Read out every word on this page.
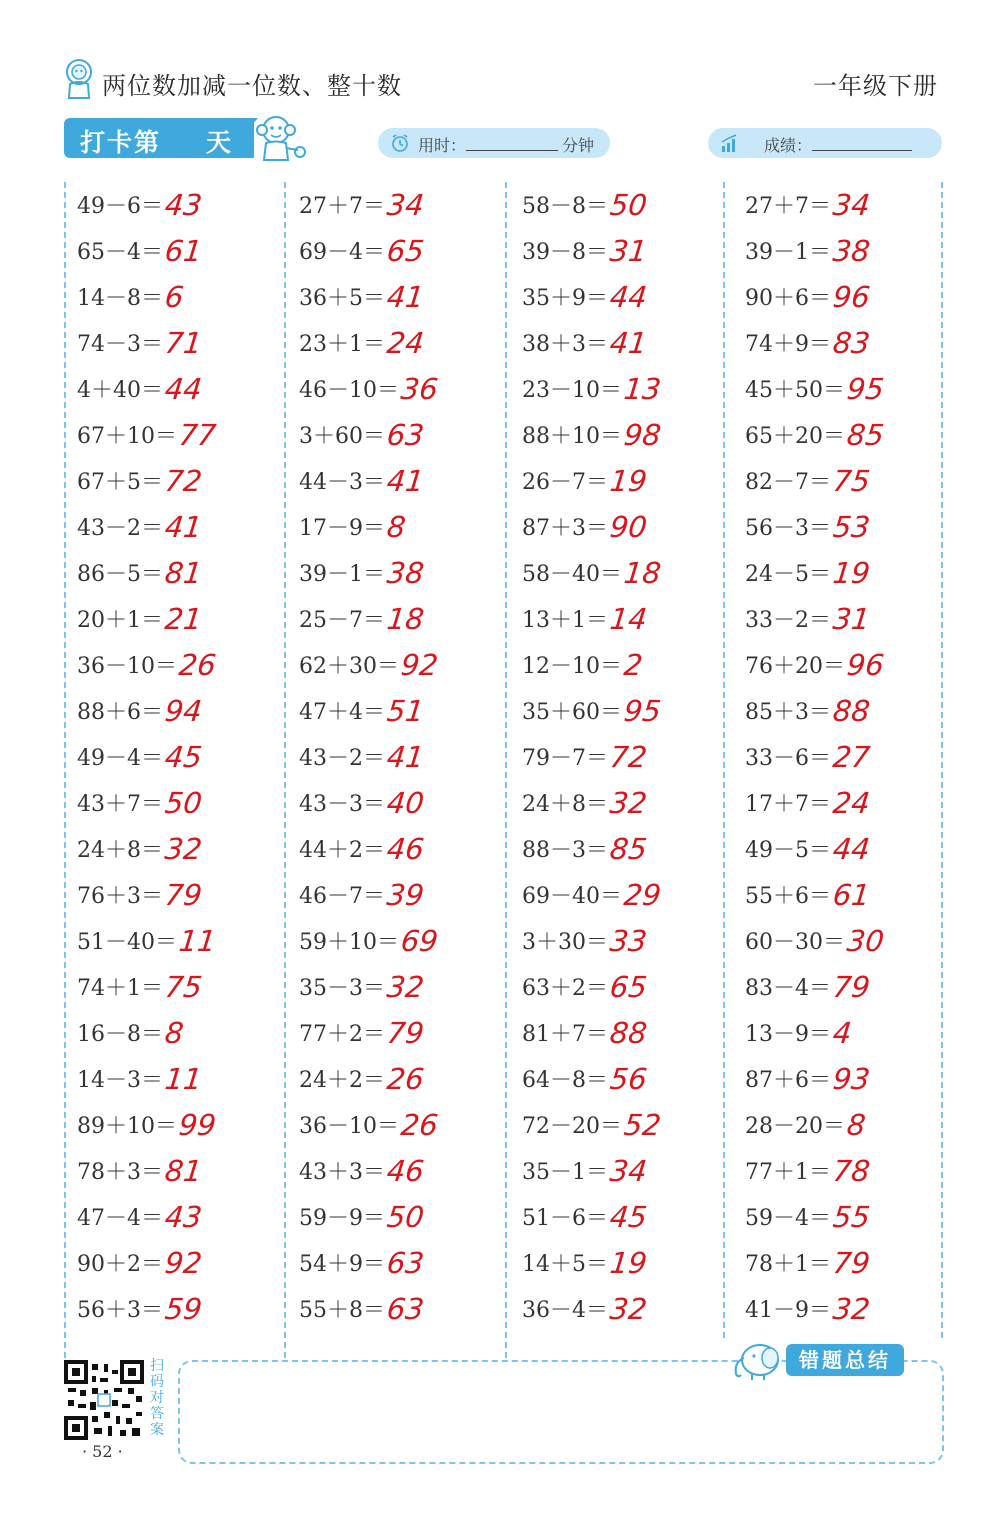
两位数加减一位数、整十数	一年级下册
打卡第 天	用时：	分钟	成绩：
49－6＝43
65－4＝61
14－8＝6
74－3＝71
4＋40＝44
67＋10＝77
67＋5＝72
43－2＝41
86－5＝81
20＋1＝21
36－10＝26
88＋6＝94
49－4＝45
43＋7＝50
24＋8＝32
76＋3＝79
51－40＝11
74＋1＝75
16－8＝8
14－3＝11
89＋10＝99
78＋3＝81
47－4＝43
90＋2＝92
56＋3＝59
27＋7＝34
69－4＝65
36＋5＝41
23＋1＝24
46－10＝36
3＋60＝63
44－3＝41
17－9＝8
39－1＝38
25－7＝18
62＋30＝92
47＋4＝51
43－2＝41
43－3＝40
44＋2＝46
46－7＝39
59＋10＝69
35－3＝32
77＋2＝79
24＋2＝26
36－10＝26
43＋3＝46
59－9＝50
54＋9＝63
55＋8＝63
58－8＝50
39－8＝31
35＋9＝44
38＋3＝41
23－10＝13
88＋10＝98
26－7＝19
87＋3＝90
58－40＝18
13＋1＝14
12－10＝2
35＋60＝95
79－7＝72
24＋8＝32
88－3＝85
69－40＝29
3＋30＝33
63＋2＝65
81＋7＝88
64－8＝56
72－20＝52
35－1＝34
51－6＝45
14＋5＝19
36－4＝32
27＋7＝34
39－1＝38
90＋6＝96
74＋9＝83
45＋50＝95
65＋20＝85
82－7＝75
56－3＝53
24－5＝19
33－2＝31
76＋20＝96
85＋3＝88
33－6＝27
17＋7＝24
49－5＝44
55＋6＝61
60－30＝30
83－4＝79
13－9＝4
87＋6＝93
28－20＝8
77＋1＝78
59－4＝55
78＋1＝79
41－9＝32
扫码对答案
· 52 ·
错题总结
